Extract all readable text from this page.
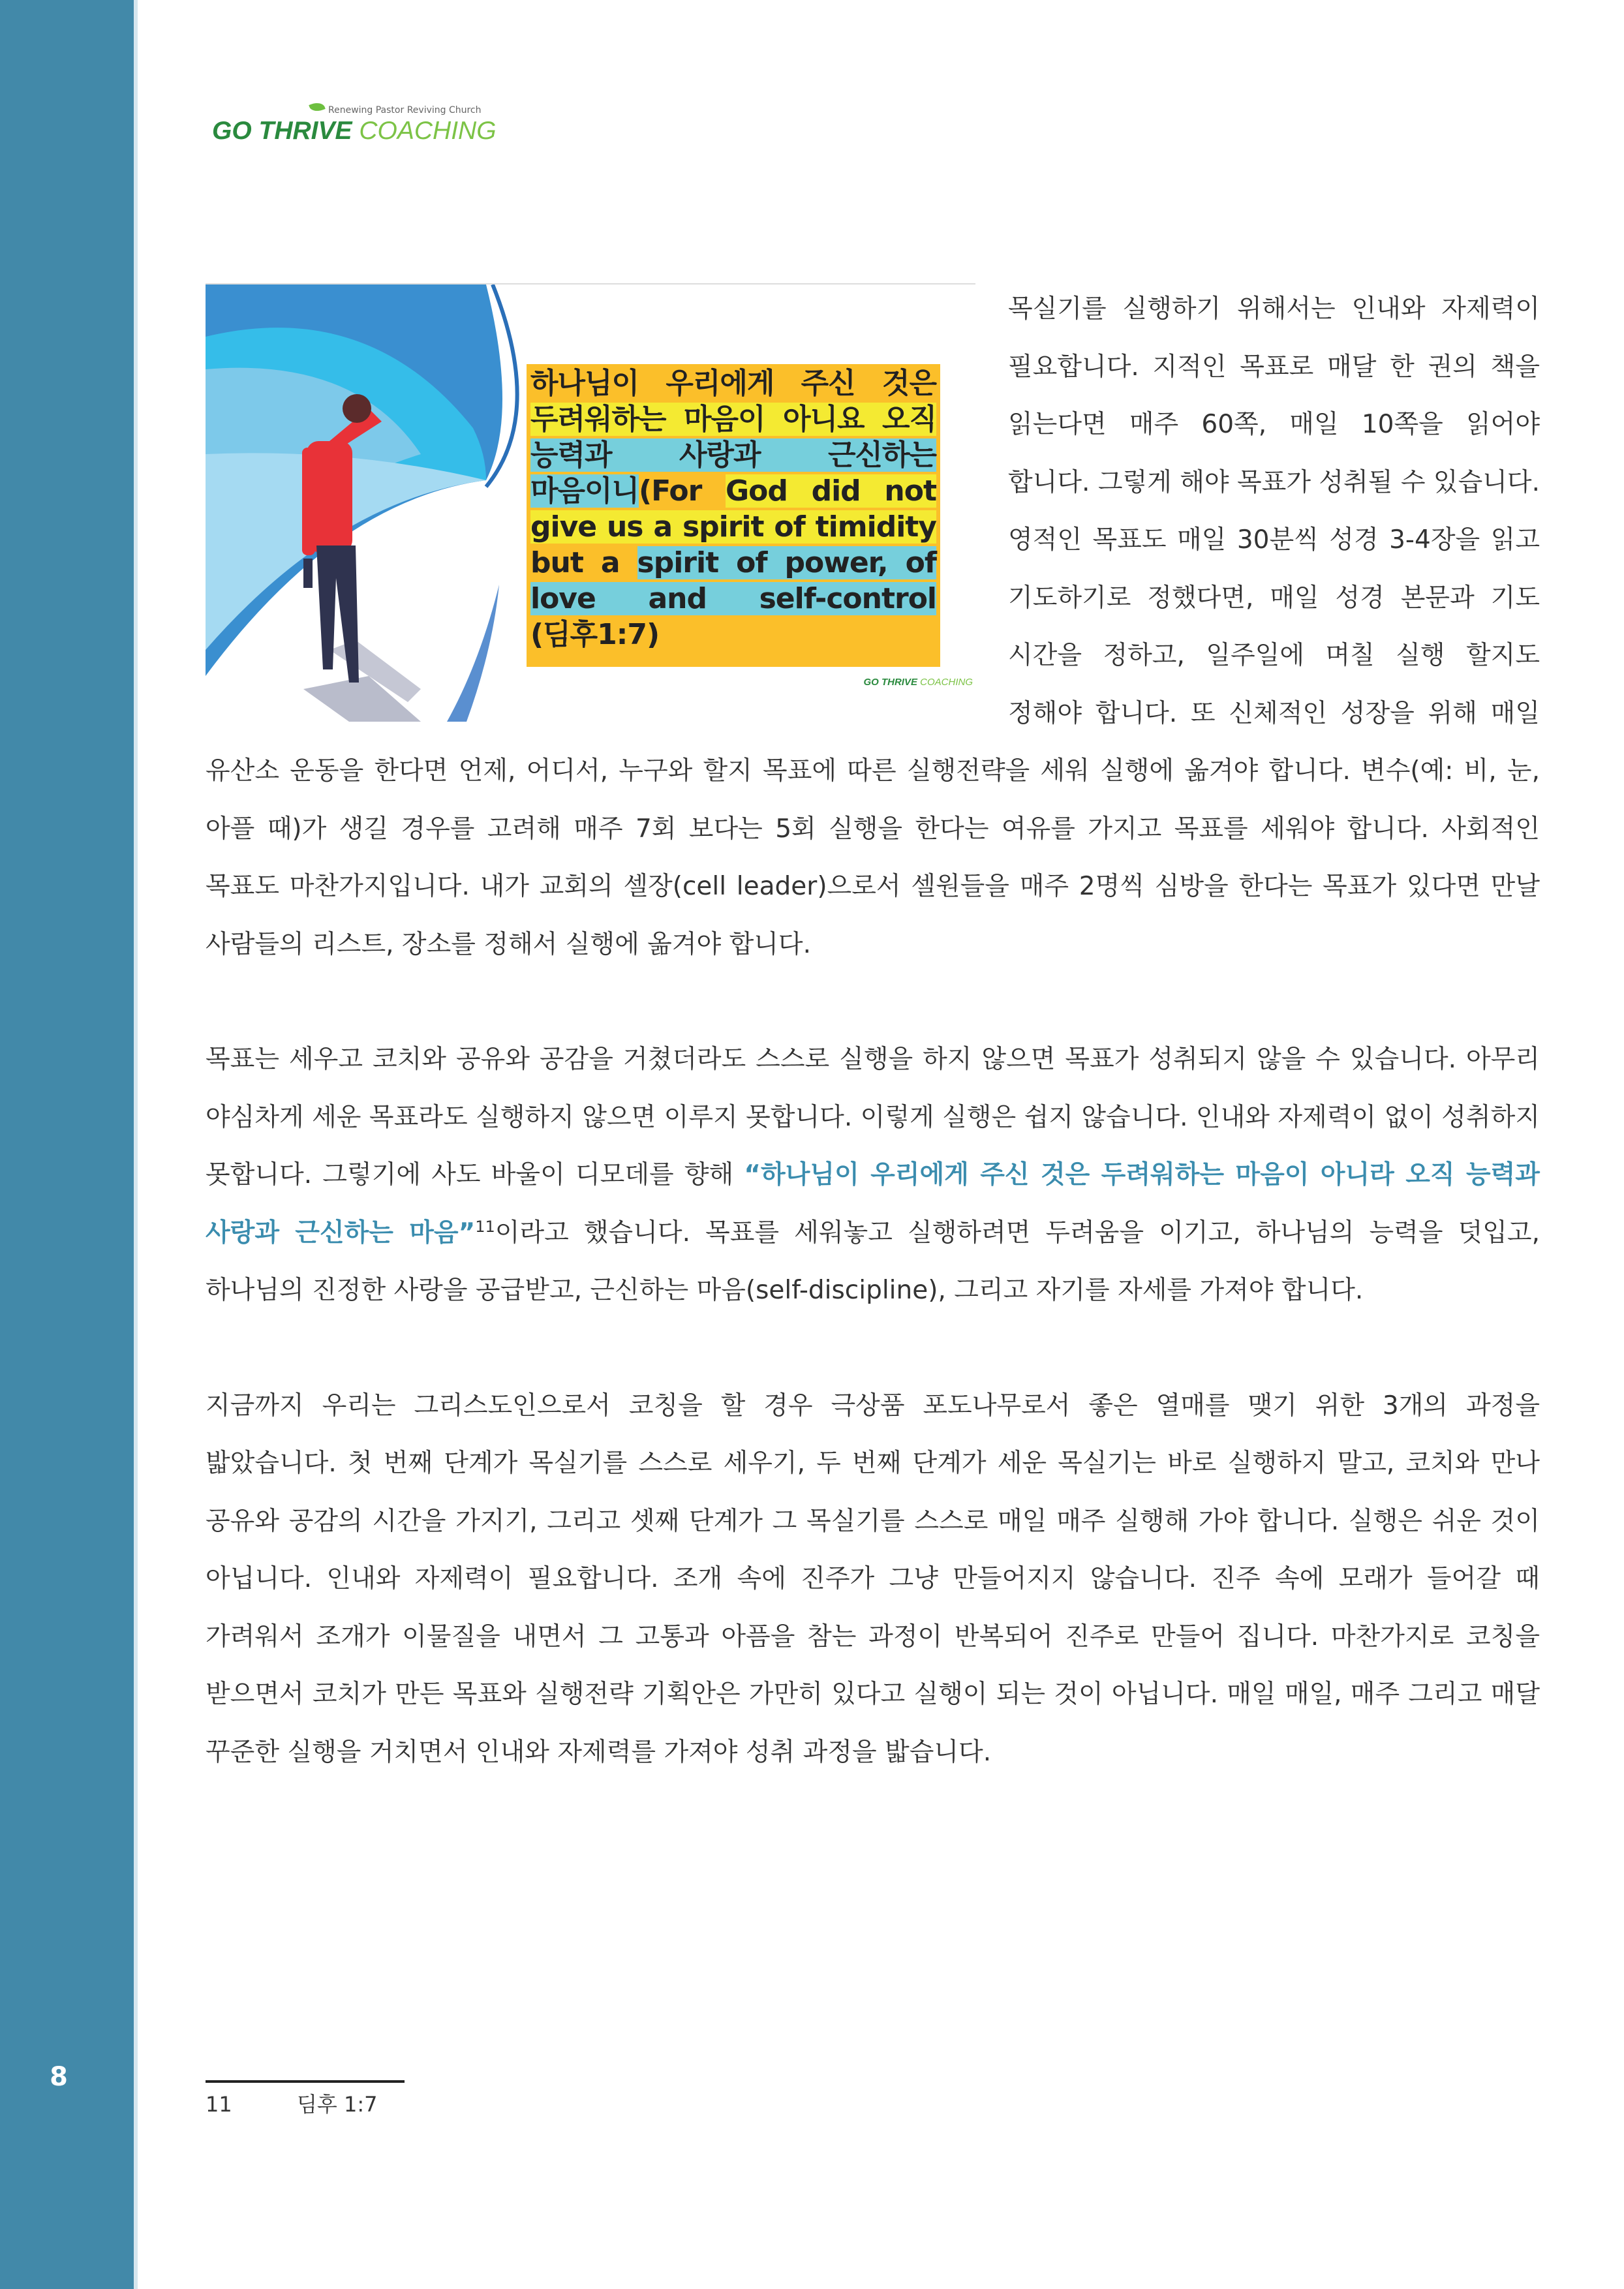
8
Renewing Pastor Reviving Church
GO THRIVE COACHING
하나님이 우리에게 주신 것은 두려워하는 마음이 아니요 오직 능력과 사랑과 근신하는 마음이니(For God did not give us a spirit of timidity but a spirit of power, of love and self-control (딤후1:7)
GO THRIVE COACHING

목실기를 실행하기 위해서는 인내와 자제력이 필요합니다. 지적인 목표로 매달 한 권의 책을 읽는다면 매주 60쪽, 매일 10쪽을 읽어야 합니다. 그렇게 해야 목표가 성취될 수 있습니다. 영적인 목표도 매일 30분씩 성경 3-4장을 읽고 기도하기로 정했다면, 매일 성경 본문과 기도 시간을 정하고, 일주일에 며칠 실행 할지도 정해야 합니다. 또 신체적인 성장을 위해 매일 유산소 운동을 한다면 언제, 어디서, 누구와 할지 목표에 따른 실행전략을 세워 실행에 옮겨야 합니다. 변수(예: 비, 눈, 아플 때)가 생길 경우를 고려해 매주 7회 보다는 5회 실행을 한다는 여유를 가지고 목표를 세워야 합니다. 사회적인 목표도 마찬가지입니다. 내가 교회의 셀장(cell leader)으로서 셀원들을 매주 2명씩 심방을 한다는 목표가 있다면 만날 사람들의 리스트, 장소를 정해서 실행에 옮겨야 합니다.

목표는 세우고 코치와 공유와 공감을 거쳤더라도 스스로 실행을 하지 않으면 목표가 성취되지 않을 수 있습니다. 아무리 야심차게 세운 목표라도 실행하지 않으면 이루지 못합니다. 이렇게 실행은 쉽지 않습니다. 인내와 자제력이 없이 성취하지 못합니다. 그렇기에 사도 바울이 디모데를 향해 “하나님이 우리에게 주신 것은 두려워하는 마음이 아니라 오직 능력과 사랑과 근신하는 마음”$^{11}$이라고 했습니다. 목표를 세워놓고 실행하려면 두려움을 이기고, 하나님의 능력을 덧입고, 하나님의 진정한 사랑을 공급받고, 근신하는 마음(self-discipline), 그리고 자기를 자세를 가져야 합니다.

지금까지 우리는 그리스도인으로서 코칭을 할 경우 극상품 포도나무로서 좋은 열매를 맺기 위한 3개의 과정을 밟았습니다. 첫 번째 단계가 목실기를 스스로 세우기, 두 번째 단계가 세운 목실기는 바로 실행하지 말고, 코치와 만나 공유와 공감의 시간을 가지기, 그리고 셋째 단계가 그 목실기를 스스로 매일 매주 실행해 가야 합니다. 실행은 쉬운 것이 아닙니다. 인내와 자제력이 필요합니다. 조개 속에 진주가 그냥 만들어지지 않습니다. 진주 속에 모래가 들어갈 때 가려워서 조개가 이물질을 내면서 그 고통과 아픔을 참는 과정이 반복되어 진주로 만들어 집니다. 마찬가지로 코칭을 받으면서 코치가 만든 목표와 실행전략 기획안은 가만히 있다고 실행이 되는 것이 아닙니다. 매일 매일, 매주 그리고 매달 꾸준한 실행을 거치면서 인내와 자제력를 가져야 성취 과정을 밟습니다.

11	딤후 1:7
